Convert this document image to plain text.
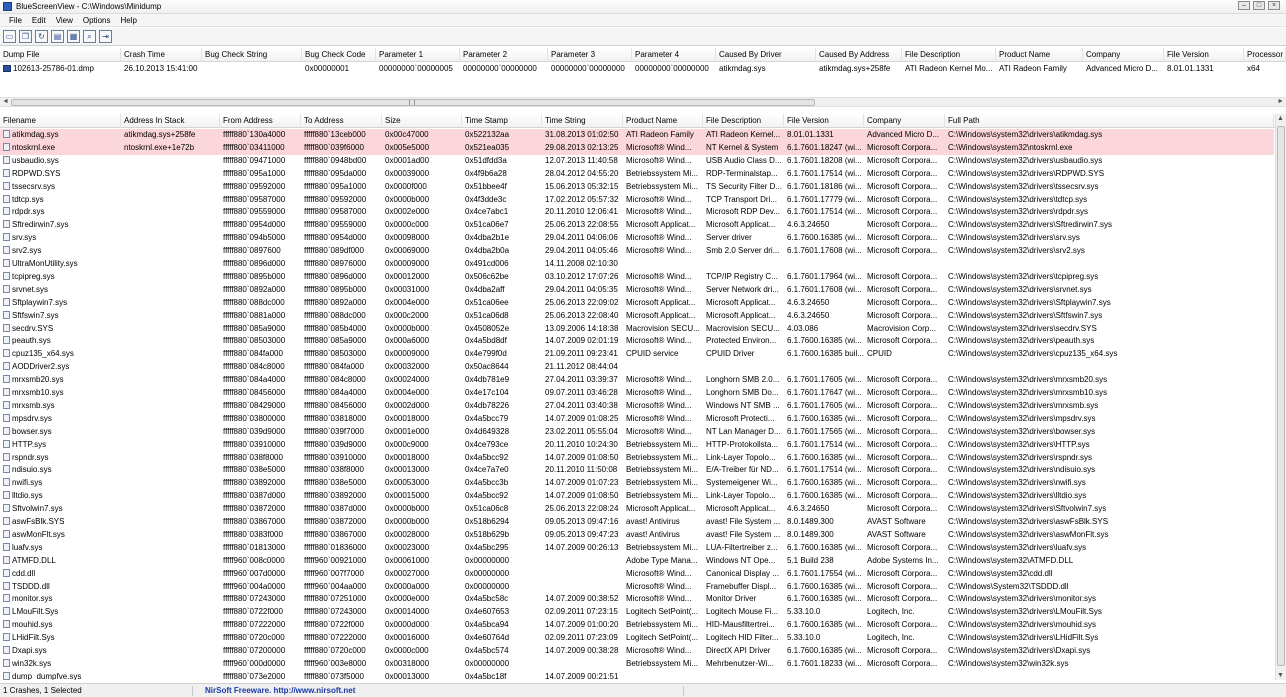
BlueScreenView - C:\Windows\Minidump	–	□	×
File	Edit	View	Options	Help
▭	❐	↻	▤	▦	⌕	⇥
Dump File	Crash Time	Bug Check String	Bug Check Code	Parameter 1	Parameter 2	Parameter 3	Parameter 4	Caused By Driver	Caused By Address	File Description	Product Name	Company	File Version	Processor
102613-25786-01.dmp	26.10.2013 15:41:00	0x00000001	00000000`00000005	00000000`00000000	00000000`00000000	00000000`00000000	atikmdag.sys	atikmdag.sys+258fe	ATI Radeon Kernel Mo... ATI Radeon Family	Advanced Micro D...	8.01.01.1331	x64
◄	►
Filename	Address In Stack	From Address	To Address	Size	Time Stamp	Time String	Product Name	File Description	File Version	Company	Full Path
atikmdag.sys	atikmdag.sys+258fe	fffff880`130a4000	fffff880`13ceb000	0x00c47000	0x522132aa	31.08.2013 01:02:50 ATI Radeon Family	ATI Radeon Kernel... 8.01.01.1331	Advanced Micro D...	C:\Windows\system32\drivers\atikmdag.sys
ntoskrnl.exe	ntoskrnl.exe+1e72b	fffff800`03411000	fffff800`039f6000	0x005e5000	0x521ea035	29.08.2013 02:13:25 Microsoft® Wind...	NT Kernel & System	6.1.7601.18247 (wi... Microsoft Corpora...	C:\Windows\system32\ntoskrnl.exe
usbaudio.sys	fffff880`09471000	fffff880`0948bd00	0x0001ad00	0x51dfdd3a	12.07.2013 11:40:58	Microsoft® Wind...	USB Audio Class D... 6.1.7601.18208 (wi... Microsoft Corpora...	C:\Windows\system32\drivers\usbaudio.sys
RDPWD.SYS	fffff880`095a1000	fffff880`095da000	0x00039000	0x4f9b6a28	28.04.2012 04:55:20 Betriebssystem Mi... RDP-Terminalstap...	6.1.7601.17514 (wi... Microsoft Corpora...	C:\Windows\system32\drivers\RDPWD.SYS
tssecsrv.sys	fffff880`09592000	fffff880`095a1000	0x0000f000	0x51bbee4f	15.06.2013 05:32:15 Betriebssystem Mi... TS Security Filter D... 6.1.7601.18186 (wi... Microsoft Corpora...	C:\Windows\system32\drivers\tssecsrv.sys
tdtcp.sys	fffff880`09587000	fffff880`09592000	0x0000b000	0x4f3dde3c	17.02.2012 05:57:32 Microsoft® Wind...	TCP Transport Dri...	6.1.7601.17779 (wi... Microsoft Corpora...	C:\Windows\system32\drivers\tdtcp.sys
rdpdr.sys	fffff880`09559000	fffff880`09587000	0x0002e000	0x4ce7abc1	20.11.2010 12:06:41	Microsoft® Wind...	Microsoft RDP Dev... 6.1.7601.17514 (wi... Microsoft Corpora...	C:\Windows\system32\drivers\rdpdr.sys
Sftredirwin7.sys	fffff880`0954d000	fffff880`09559000	0x0000c000	0x51ca06e7	25.06.2013 22:08:55 Microsoft Applicat...	Microsoft Applicat...	4.6.3.24650	Microsoft Corpora...	C:\Windows\system32\drivers\Sftredirwin7.sys
srv.sys	fffff880`094b5000	fffff880`0954d000	0x00098000	0x4dba2b1e	29.04.2011 04:06:06	Microsoft® Wind...	Server driver	6.1.7600.16385 (wi... Microsoft Corpora...	C:\Windows\system32\drivers\srv.sys
srv2.sys	fffff880`0897600	fffff880`089df000	0x00069000	0x4dba2b0a	29.04.2011 04:05:46	Microsoft® Wind...	Smb 2.0 Server dri... 6.1.7601.17608 (wi... Microsoft Corpora...	C:\Windows\system32\drivers\srv2.sys
UltraMonUtility.sys	fffff880`0896d000	fffff880`08976000	0x00009000	0x491cd006	14.11.2008 02:10:30
tcpipreg.sys	fffff880`0895b000	fffff880`0896d000	0x00012000	0x506c62be	03.10.2012 17:07:26 Microsoft® Wind...	TCP/IP Registry C...	6.1.7601.17964 (wi... Microsoft Corpora...	C:\Windows\system32\drivers\tcpipreg.sys
srvnet.sys	fffff880`0892a000	fffff880`0895b000	0x00031000	0x4dba2aff	29.04.2011 04:05:35	Microsoft® Wind...	Server Network dri...	6.1.7601.17608 (wi... Microsoft Corpora...	C:\Windows\system32\drivers\srvnet.sys
Sftplaywin7.sys	fffff880`088dc000	fffff880`0892a000	0x0004e000	0x51ca06ee	25.06.2013 22:09:02 Microsoft Applicat...	Microsoft Applicat...	4.6.3.24650	Microsoft Corpora...	C:\Windows\system32\drivers\Sftplaywin7.sys
Sftfswin7.sys	fffff880`0881a000	fffff880`088dc000	0x000c2000	0x51ca06d8	25.06.2013 22:08:40 Microsoft Applicat...	Microsoft Applicat...	4.6.3.24650	Microsoft Corpora...	C:\Windows\system32\drivers\Sftfswin7.sys
secdrv.SYS	fffff880`085a9000	fffff880`085b4000	0x0000b000	0x4508052e	13.09.2006 14:18:38 Macrovision SECU... Macrovision SECU... 4.03.086	Macrovision Corp...	C:\Windows\system32\drivers\secdrv.SYS
peauth.sys	fffff880`08503000	fffff880`085a9000	0x000a6000	0x4a5bd8df	14.07.2009 02:01:19 Microsoft® Wind...	Protected Environ...	6.1.7600.16385 (wi... Microsoft Corpora...	C:\Windows\system32\drivers\peauth.sys
cpuz135_x64.sys	fffff880`084fa000	fffff880`08503000	0x00009000	0x4e799f0d	21.09.2011 09:23:41	CPUID service	CPUID Driver	6.1.7600.16385 buil... CPUID	C:\Windows\system32\drivers\cpuz135_x64.sys
AODDriver2.sys	fffff880`084c8000	fffff880`084fa000	0x00032000	0x50ac8644	21.11.2012 08:44:04
mrxsmb20.sys	fffff880`084a4000	fffff880`084c8000	0x00024000	0x4db781e9	27.04.2011 03:39:37	Microsoft® Wind...	Longhorn SMB 2.0... 6.1.7601.17605 (wi... Microsoft Corpora...	C:\Windows\system32\drivers\mrxsmb20.sys
mrxsmb10.sys	fffff880`08456000	fffff880`084a4000	0x0004e000	0x4e17c104	09.07.2011 03:46:28	Microsoft® Wind...	Longhorn SMB Do...	6.1.7601.17647 (wi... Microsoft Corpora...	C:\Windows\system32\drivers\mrxsmb10.sys
mrxsmb.sys	fffff880`08429000	fffff880`08456000	0x0002d000	0x4db78226	27.04.2011 03:40:38	Microsoft® Wind...	Windows NT SMB ... 6.1.7601.17605 (wi... Microsoft Corpora...	C:\Windows\system32\drivers\mrxsmb.sys
mpsdrv.sys	fffff880`03800000	fffff880`03818000	0x00018000	0x4a5bcc79	14.07.2009 01:08:25 Microsoft® Wind...	Microsoft Protecti...	6.1.7600.16385 (wi... Microsoft Corpora...	C:\Windows\system32\drivers\mpsdrv.sys
bowser.sys	fffff880`039d9000	fffff880`039f7000	0x0001e000	0x4d649328	23.02.2011 05:55:04	Microsoft® Wind...	NT Lan Manager D... 6.1.7601.17565 (wi... Microsoft Corpora...	C:\Windows\system32\drivers\bowser.sys
HTTP.sys	fffff880`03910000	fffff880`039d9000	0x000c9000	0x4ce793ce	20.11.2010 10:24:30	Betriebssystem Mi... HTTP-Protokollsta...	6.1.7601.17514 (wi... Microsoft Corpora...	C:\Windows\system32\drivers\HTTP.sys
rspndr.sys	fffff880`038f8000	fffff880`03910000	0x00018000	0x4a5bcc92	14.07.2009 01:08:50 Betriebssystem Mi... Link-Layer Topolo...	6.1.7600.16385 (wi... Microsoft Corpora...	C:\Windows\system32\drivers\rspndr.sys
ndisuio.sys	fffff880`038e5000	fffff880`038f8000	0x00013000	0x4ce7a7e0	20.11.2010 11:50:08	Betriebssystem Mi... E/A-Treiber für ND...	6.1.7601.17514 (wi... Microsoft Corpora...	C:\Windows\system32\drivers\ndisuio.sys
nwifi.sys	fffff880`03892000	fffff880`038e5000	0x00053000	0x4a5bcc3b	14.07.2009 01:07:23 Betriebssystem Mi... Systemeigener Wi...	6.1.7600.16385 (wi... Microsoft Corpora...	C:\Windows\system32\drivers\nwifi.sys
lltdio.sys	fffff880`0387d000	fffff880`03892000	0x00015000	0x4a5bcc92	14.07.2009 01:08:50 Betriebssystem Mi... Link-Layer Topolo...	6.1.7600.16385 (wi... Microsoft Corpora...	C:\Windows\system32\drivers\lltdio.sys
Sftvolwin7.sys	fffff880`03872000	fffff880`0387d000	0x0000b000	0x51ca06c8	25.06.2013 22:08:24 Microsoft Applicat...	Microsoft Applicat...	4.6.3.24650	Microsoft Corpora...	C:\Windows\system32\drivers\Sftvolwin7.sys
aswFsBlk.SYS	fffff880`03867000	fffff880`03872000	0x0000b000	0x518b6294	09.05.2013 09:47:16 avast! Antivirus	avast! File System ... 8.0.1489.300	AVAST Software	C:\Windows\system32\drivers\aswFsBlk.SYS
aswMonFlt.sys	fffff880`0383f000	fffff880`03867000	0x00028000	0x518b629b	09.05.2013 09:47:23 avast! Antivirus	avast! File System ... 8.0.1489.300	AVAST Software	C:\Windows\system32\drivers\aswMonFlt.sys
luafv.sys	fffff880`01813000	fffff880`01836000	0x00023000	0x4a5bc295	14.07.2009 00:26:13 Betriebssystem Mi... LUA-Filtertreiber z...	6.1.7600.16385 (wi... Microsoft Corpora...	C:\Windows\system32\drivers\luafv.sys
ATMFD.DLL	fffff960`008c0000	fffff960`00921000	0x00061000	0x00000000	Adobe Type Mana...	Windows NT Ope...	5.1 Build 238	Adobe Systems In...	C:\Windows\system32\ATMFD.DLL
cdd.dll	fffff960`007d0000	fffff960`007f7000	0x00027000	0x00000000	Microsoft® Wind...	Canonical Display ...	6.1.7601.17554 (wi... Microsoft Corpora...	C:\Windows\system32\cdd.dll
TSDDD.dll	fffff960`004a0000	fffff960`004aa000	0x0000a000	0x00000000	Microsoft® Wind...	Framebuffer Displ...	6.1.7600.16385 (wi... Microsoft Corpora...	C:\Windows\System32\TSDDD.dll
monitor.sys	fffff880`07243000	fffff880`07251000	0x0000e000	0x4a5bc58c	14.07.2009 00:38:52 Microsoft® Wind...	Monitor Driver	6.1.7600.16385 (wi... Microsoft Corpora...	C:\Windows\system32\drivers\monitor.sys
LMouFilt.Sys	fffff880`0722f000	fffff880`07243000	0x00014000	0x4e607653	02.09.2011 07:23:15	Logitech SetPoint(... Logitech Mouse Fi...	5.33.10.0	Logitech, Inc.	C:\Windows\system32\drivers\LMouFilt.Sys
mouhid.sys	fffff880`07222000	fffff880`0722f000	0x0000d000	0x4a5bca94	14.07.2009 01:00:20 Betriebssystem Mi... HID-Mausfiltertrei...	6.1.7600.16385 (wi... Microsoft Corpora...	C:\Windows\system32\drivers\mouhid.sys
LHidFilt.Sys	fffff880`0720c000	fffff880`07222000	0x00016000	0x4e60764d	02.09.2011 07:23:09	Logitech SetPoint(... Logitech HID Filter...	5.33.10.0	Logitech, Inc.	C:\Windows\system32\drivers\LHidFilt.Sys
Dxapi.sys	fffff880`07200000	fffff880`0720c000	0x0000c000	0x4a5bc574	14.07.2009 00:38:28 Microsoft® Wind...	DirectX API Driver	6.1.7600.16385 (wi... Microsoft Corpora...	C:\Windows\system32\drivers\Dxapi.sys
win32k.sys	fffff960`000d0000	fffff960`003e8000	0x00318000	0x00000000	Betriebssystem Mi... Mehrbenutzer-Wi...	6.1.7601.18233 (wi... Microsoft Corpora...	C:\Windows\system32\win32k.sys
dump_dumpfve.sys	fffff880`073e2000	fffff880`073f5000	0x00013000	0x4a5bc18f	14.07.2009 00:21:51
▲
▼
1 Crashes, 1 Selected	NirSoft Freeware. http://www.nirsoft.net
